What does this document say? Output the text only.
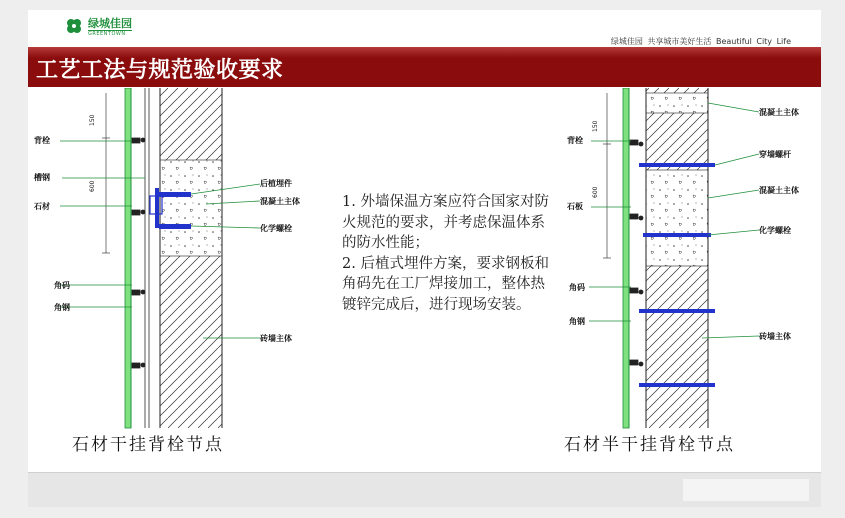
绿城佳园
GREENTOWN
绿城佳园 共享城市美好生活 Beautiful City Life
工艺工法与规范验收要求
150
600
背栓
槽钢
石材
角码
角钢
后植埋件
混凝土主体
化学螺栓
砖墙主体
石材干挂背栓节点

1. 外墙保温方案应符合国家对防火规范的要求，并考虑保温体系的防水性能；

2. 后植式埋件方案，要求钢板和角码先在工厂焊接加工，整体热镀锌完成后，进行现场安装。

150
600
背栓
石板
角码
角钢
混凝土主体
穿墙螺杆
混凝土主体
化学螺栓
砖墙主体
石材半干挂背栓节点
